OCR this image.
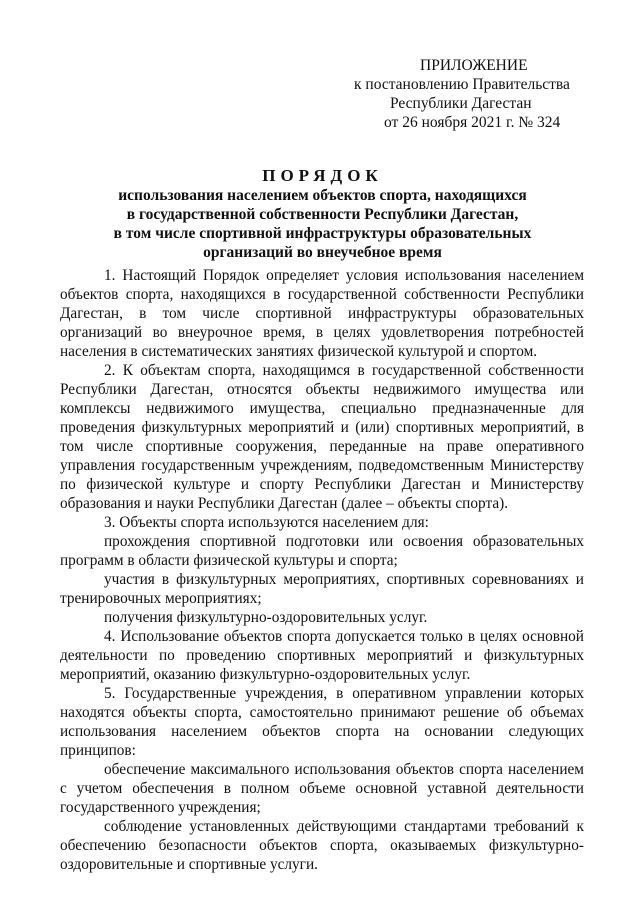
ПРИЛОЖЕНИЕ
к постановлению Правительства
Республики Дагестан
от 26 ноября 2021 г. № 324
ПОРЯДОК
использования населением объектов спорта, находящихся
в государственной собственности Республики Дагестан,
в том числе спортивной инфраструктуры образовательных
организаций во внеучебное время

1. Настоящий Порядок определяет условия использования населением объектов спорта, находящихся в государственной собственности Республики Дагестан, в том числе спортивной инфраструктуры образовательных организаций во внеурочное время, в целях удовлетворения потребностей населения в систематических занятиях физической культурой и спортом.

2. К объектам спорта, находящимся в государственной собственности Республики Дагестан, относятся объекты недвижимого имущества или комплексы недвижимого имущества, специально предназначенные для проведения физкультурных мероприятий и (или) спортивных мероприятий, в том числе спортивные сооружения, переданные на праве оперативного управления государственным учреждениям, подведомственным Министерству по физической культуре и спорту Республики Дагестан и Министерству образования и науки Республики Дагестан (далее – объекты спорта).

3. Объекты спорта используются населением для:

прохождения спортивной подготовки или освоения образовательных программ в области физической культуры и спорта;

участия в физкультурных мероприятиях, спортивных соревнованиях и тренировочных мероприятиях;

получения физкультурно-оздоровительных услуг.

4. Использование объектов спорта допускается только в целях основной деятельности по проведению спортивных мероприятий и физкультурных мероприятий, оказанию физкультурно-оздоровительных услуг.

5. Государственные учреждения, в оперативном управлении которых находятся объекты спорта, самостоятельно принимают решение об объемах использования населением объектов спорта на основании следующих принципов:

обеспечение максимального использования объектов спорта населением с учетом обеспечения в полном объеме основной уставной деятельности государственного учреждения;

соблюдение установленных действующими стандартами требований к обеспечению безопасности объектов спорта, оказываемых физкультурно-оздоровительные и спортивные услуги.
